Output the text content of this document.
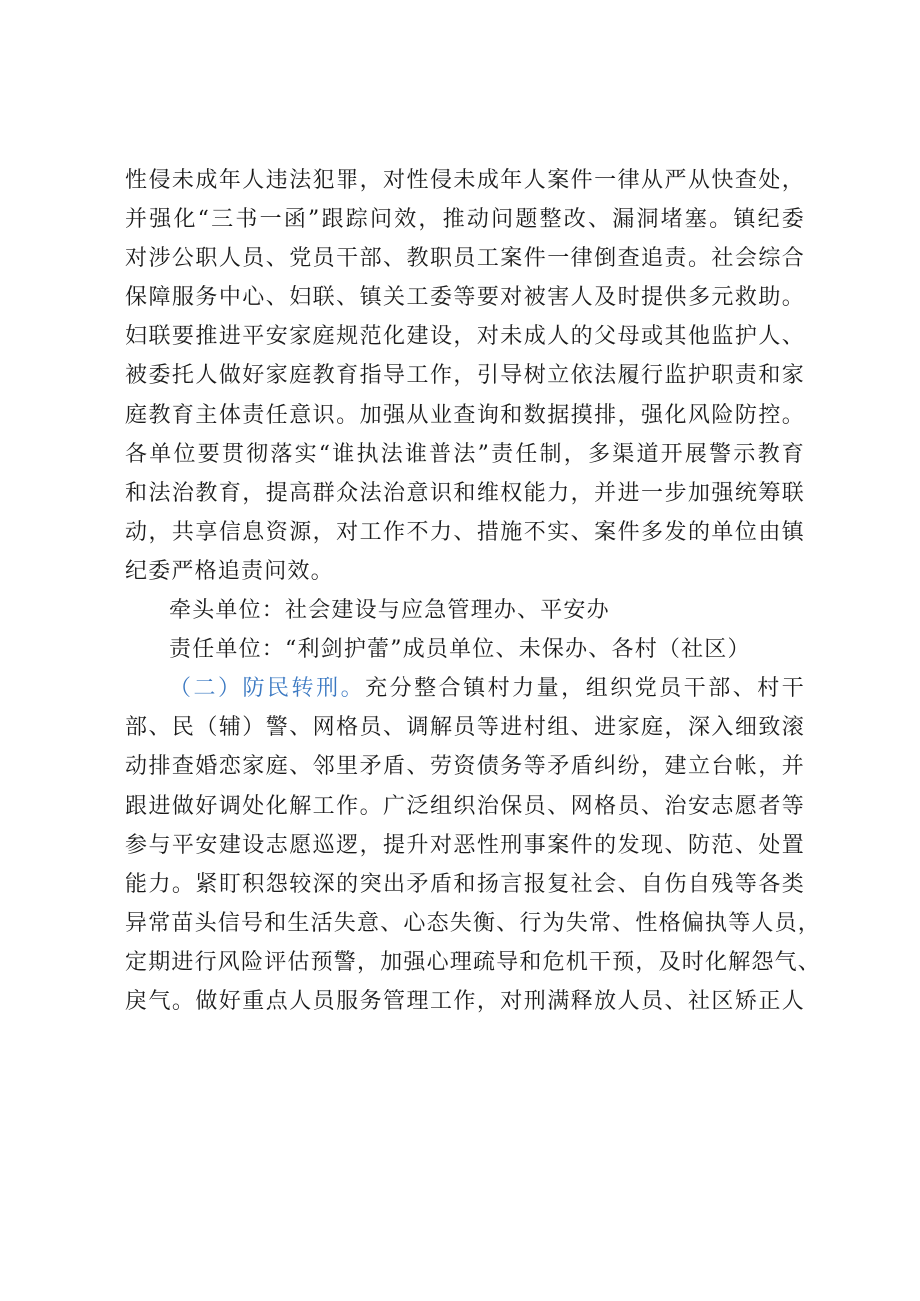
性侵未成年人违法犯罪，对性侵未成年人案件一律从严从快查处，
并强化“三书一函”跟踪问效，推动问题整改、漏洞堵塞。镇纪委
对涉公职人员、党员干部、教职员工案件一律倒查追责。社会综合
保障服务中心、妇联、镇关工委等要对被害人及时提供多元救助。
妇联要推进平安家庭规范化建设，对未成人的父母或其他监护人、
被委托人做好家庭教育指导工作，引导树立依法履行监护职责和家
庭教育主体责任意识。加强从业查询和数据摸排，强化风险防控。
各单位要贯彻落实“谁执法谁普法”责任制，多渠道开展警示教育
和法治教育，提高群众法治意识和维权能力，并进一步加强统筹联
动，共享信息资源，对工作不力、措施不实、案件多发的单位由镇
纪委严格追责问效。
牵头单位：社会建设与应急管理办、平安办
责任单位：“利剑护蕾”成员单位、未保办、各村（社区）
（二）防民转刑。充分整合镇村力量，组织党员干部、村干
部、民（辅）警、网格员、调解员等进村组、进家庭，深入细致滚
动排查婚恋家庭、邻里矛盾、劳资债务等矛盾纠纷，建立台帐，并
跟进做好调处化解工作。广泛组织治保员、网格员、治安志愿者等
参与平安建设志愿巡逻，提升对恶性刑事案件的发现、防范、处置
能力。紧盯积怨较深的突出矛盾和扬言报复社会、自伤自残等各类
异常苗头信号和生活失意、心态失衡、行为失常、性格偏执等人员，
定期进行风险评估预警，加强心理疏导和危机干预，及时化解怨气、
戾气。做好重点人员服务管理工作，对刑满释放人员、社区矫正人
